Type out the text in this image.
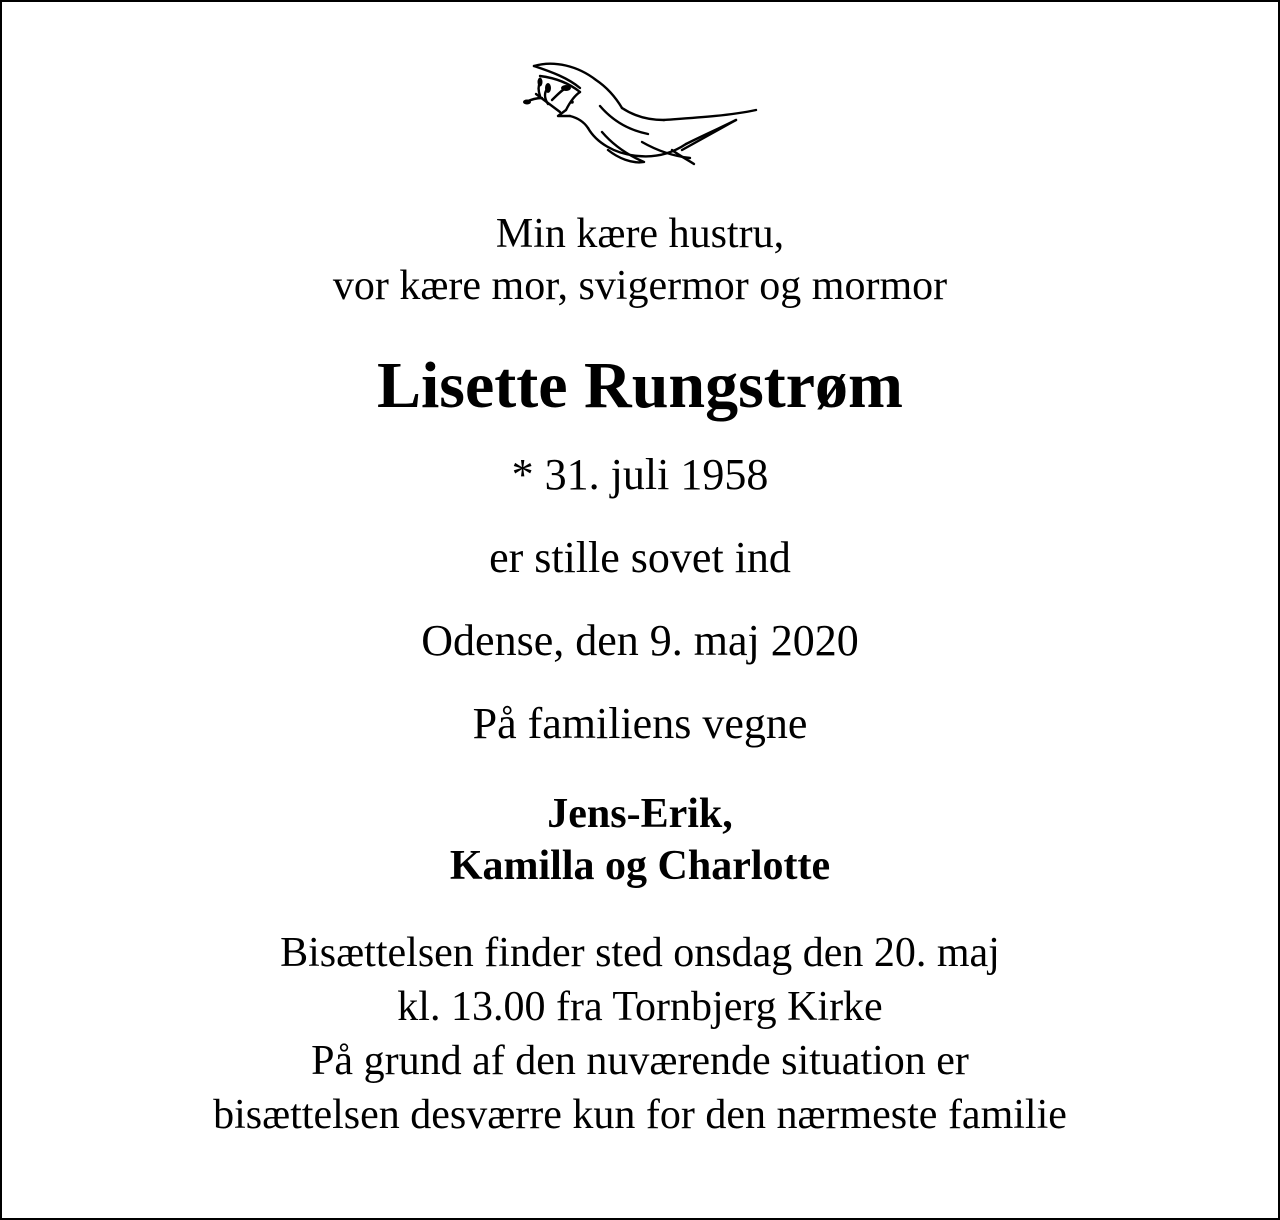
Min kære hustru,
vor kære mor, svigermor og mormor
Lisette Rungstrøm
* 31. juli 1958
er stille sovet ind
Odense, den 9. maj 2020
På familiens vegne
Jens-Erik,
Kamilla og Charlotte
Bisættelsen finder sted onsdag den 20. maj
kl. 13.00 fra Tornbjerg Kirke
På grund af den nuværende situation er
bisættelsen desværre kun for den nærmeste familie
